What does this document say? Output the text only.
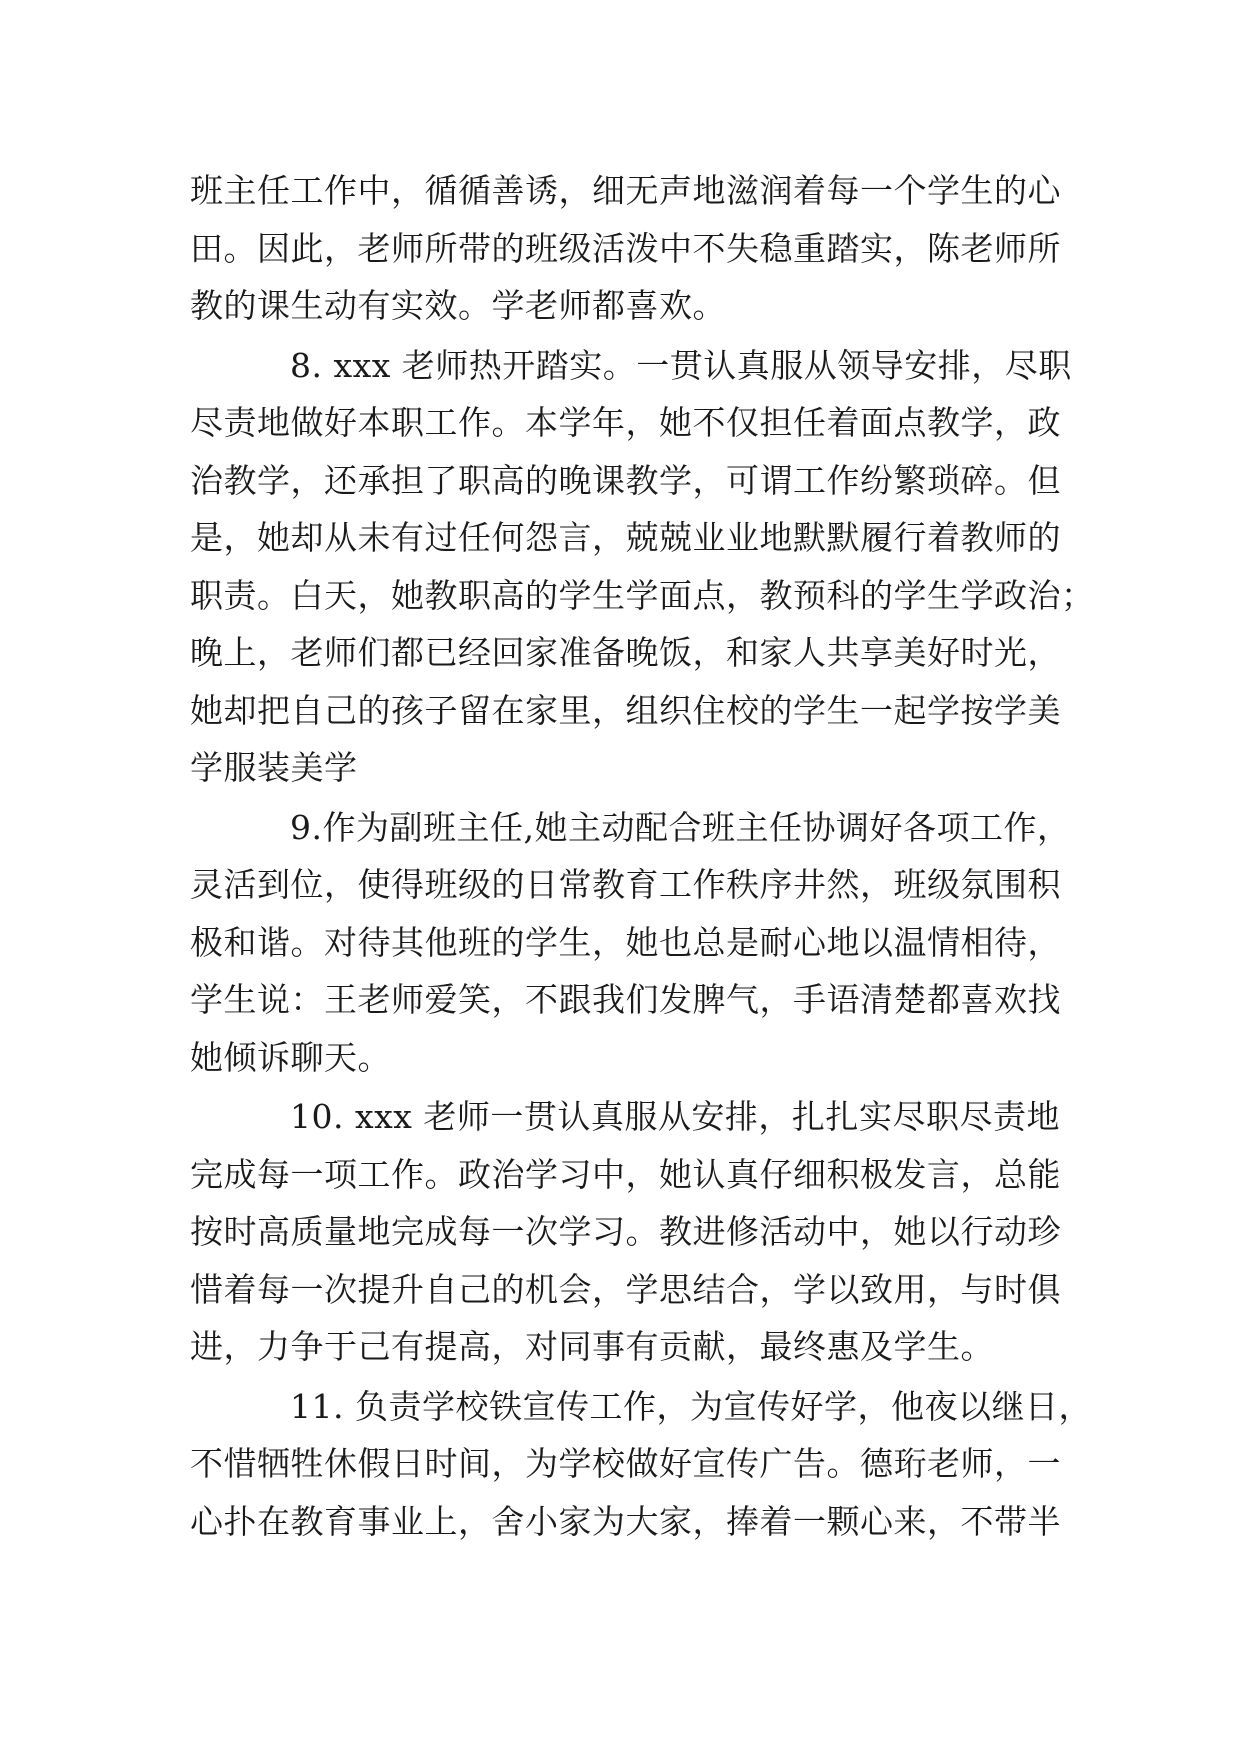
班主任工作中，循循善诱，细无声地滋润着每一个学生的心
田。因此，老师所带的班级活泼中不失稳重踏实，陈老师所
教的课生动有实效。学老师都喜欢。

8. xxx 老师热开踏实。一贯认真服从领导安排，尽职
尽责地做好本职工作。本学年，她不仅担任着面点教学，政
治教学，还承担了职高的晚课教学，可谓工作纷繁琐碎。但
是，她却从未有过任何怨言，兢兢业业地默默履行着教师的
职责。白天，她教职高的学生学面点，教预科的学生学政治；
晚上，老师们都已经回家准备晚饭，和家人共享美好时光，
她却把自己的孩子留在家里，组织住校的学生一起学按学美
学服装美学

9.作为副班主任,她主动配合班主任协调好各项工作，
灵活到位，使得班级的日常教育工作秩序井然，班级氛围积
极和谐。对待其他班的学生，她也总是耐心地以温情相待，
学生说：王老师爱笑，不跟我们发脾气，手语清楚都喜欢找
她倾诉聊天。

10. xxx 老师一贯认真服从安排，扎扎实尽职尽责地
完成每一项工作。政治学习中，她认真仔细积极发言，总能
按时高质量地完成每一次学习。教进修活动中，她以行动珍
惜着每一次提升自己的机会，学思结合，学以致用，与时俱
进，力争于己有提高，对同事有贡献，最终惠及学生。

11. 负责学校铁宣传工作，为宣传好学，他夜以继日，
不惜牺牲休假日时间，为学校做好宣传广告。德珩老师，一
心扑在教育事业上，舍小家为大家，捧着一颗心来，不带半
